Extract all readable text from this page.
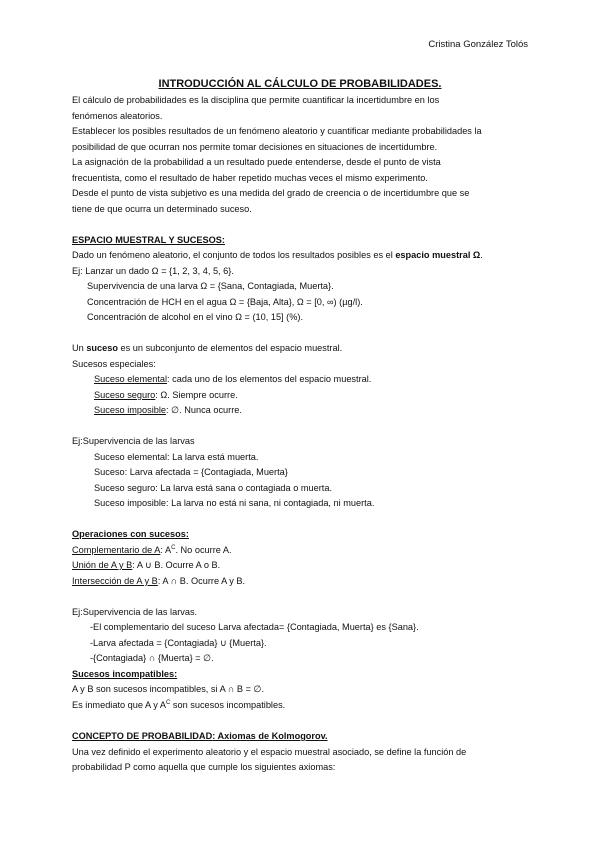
Cristina González Tolós
INTRODUCCIÓN AL CÁLCULO DE PROBABILIDADES.
El cálculo de probabilidades es la disciplina que permite cuantificar la incertidumbre en los
fenómenos aleatorios.
Establecer los posibles resultados de un fenómeno aleatorio y cuantificar mediante probabilidades la
posibilidad de que ocurran nos permite tomar decisiones en situaciones de incertidumbre.
La asignación de la probabilidad a un resultado puede entenderse, desde el punto de vista
frecuentista, como el resultado de haber repetido muchas veces el mismo experimento.
Desde el punto de vista subjetivo es una medida del grado de creencia o de incertidumbre que se
tiene de que ocurra un determinado suceso.
ESPACIO MUESTRAL Y SUCESOS:
Dado un fenómeno aleatorio, el conjunto de todos los resultados posibles es el espacio muestral Ω.
Ej: Lanzar un dado Ω = {1, 2, 3, 4, 5, 6}.
Supervivencia de una larva Ω = {Sana, Contagiada, Muerta}.
Concentración de HCH en el agua Ω = {Baja, Alta}, Ω = [0, ∞) (µg/l).
Concentración de alcohol en el vino Ω = (10, 15] (%).
Un suceso es un subconjunto de elementos del espacio muestral.
Sucesos especiales:
Suceso elemental: cada uno de los elementos del espacio muestral.
Suceso seguro: Ω. Siempre ocurre.
Suceso imposible: ∅. Nunca ocurre.
Ej:Supervivencia de las larvas
Suceso elemental: La larva está muerta.
Suceso: Larva afectada = {Contagiada, Muerta}
Suceso seguro: La larva está sana o contagiada o muerta.
Suceso imposible: La larva no está ni sana, ni contagiada, ni muerta.
Operaciones con sucesos:
Complementario de A: $A^C$. No ocurre A.
Unión de A y B: A ∪ B. Ocurre A o B.
Intersección de A y B: A ∩ B. Ocurre A y B.
Ej:Supervivencia de las larvas.
-El complementario del suceso Larva afectada= {Contagiada, Muerta} es {Sana}.
-Larva afectada = {Contagiada} ∪ {Muerta}.
-{Contagiada} ∩ {Muerta} = ∅.
Sucesos incompatibles:
A y B son sucesos incompatibles, si A ∩ B = ∅.
Es inmediato que A y $A^C$ son sucesos incompatibles.
CONCEPTO DE PROBABILIDAD: Axiomas de Kolmogorov.
Una vez definido el experimento aleatorio y el espacio muestral asociado, se define la función de
probabilidad P como aquella que cumple los siguientes axiomas:
